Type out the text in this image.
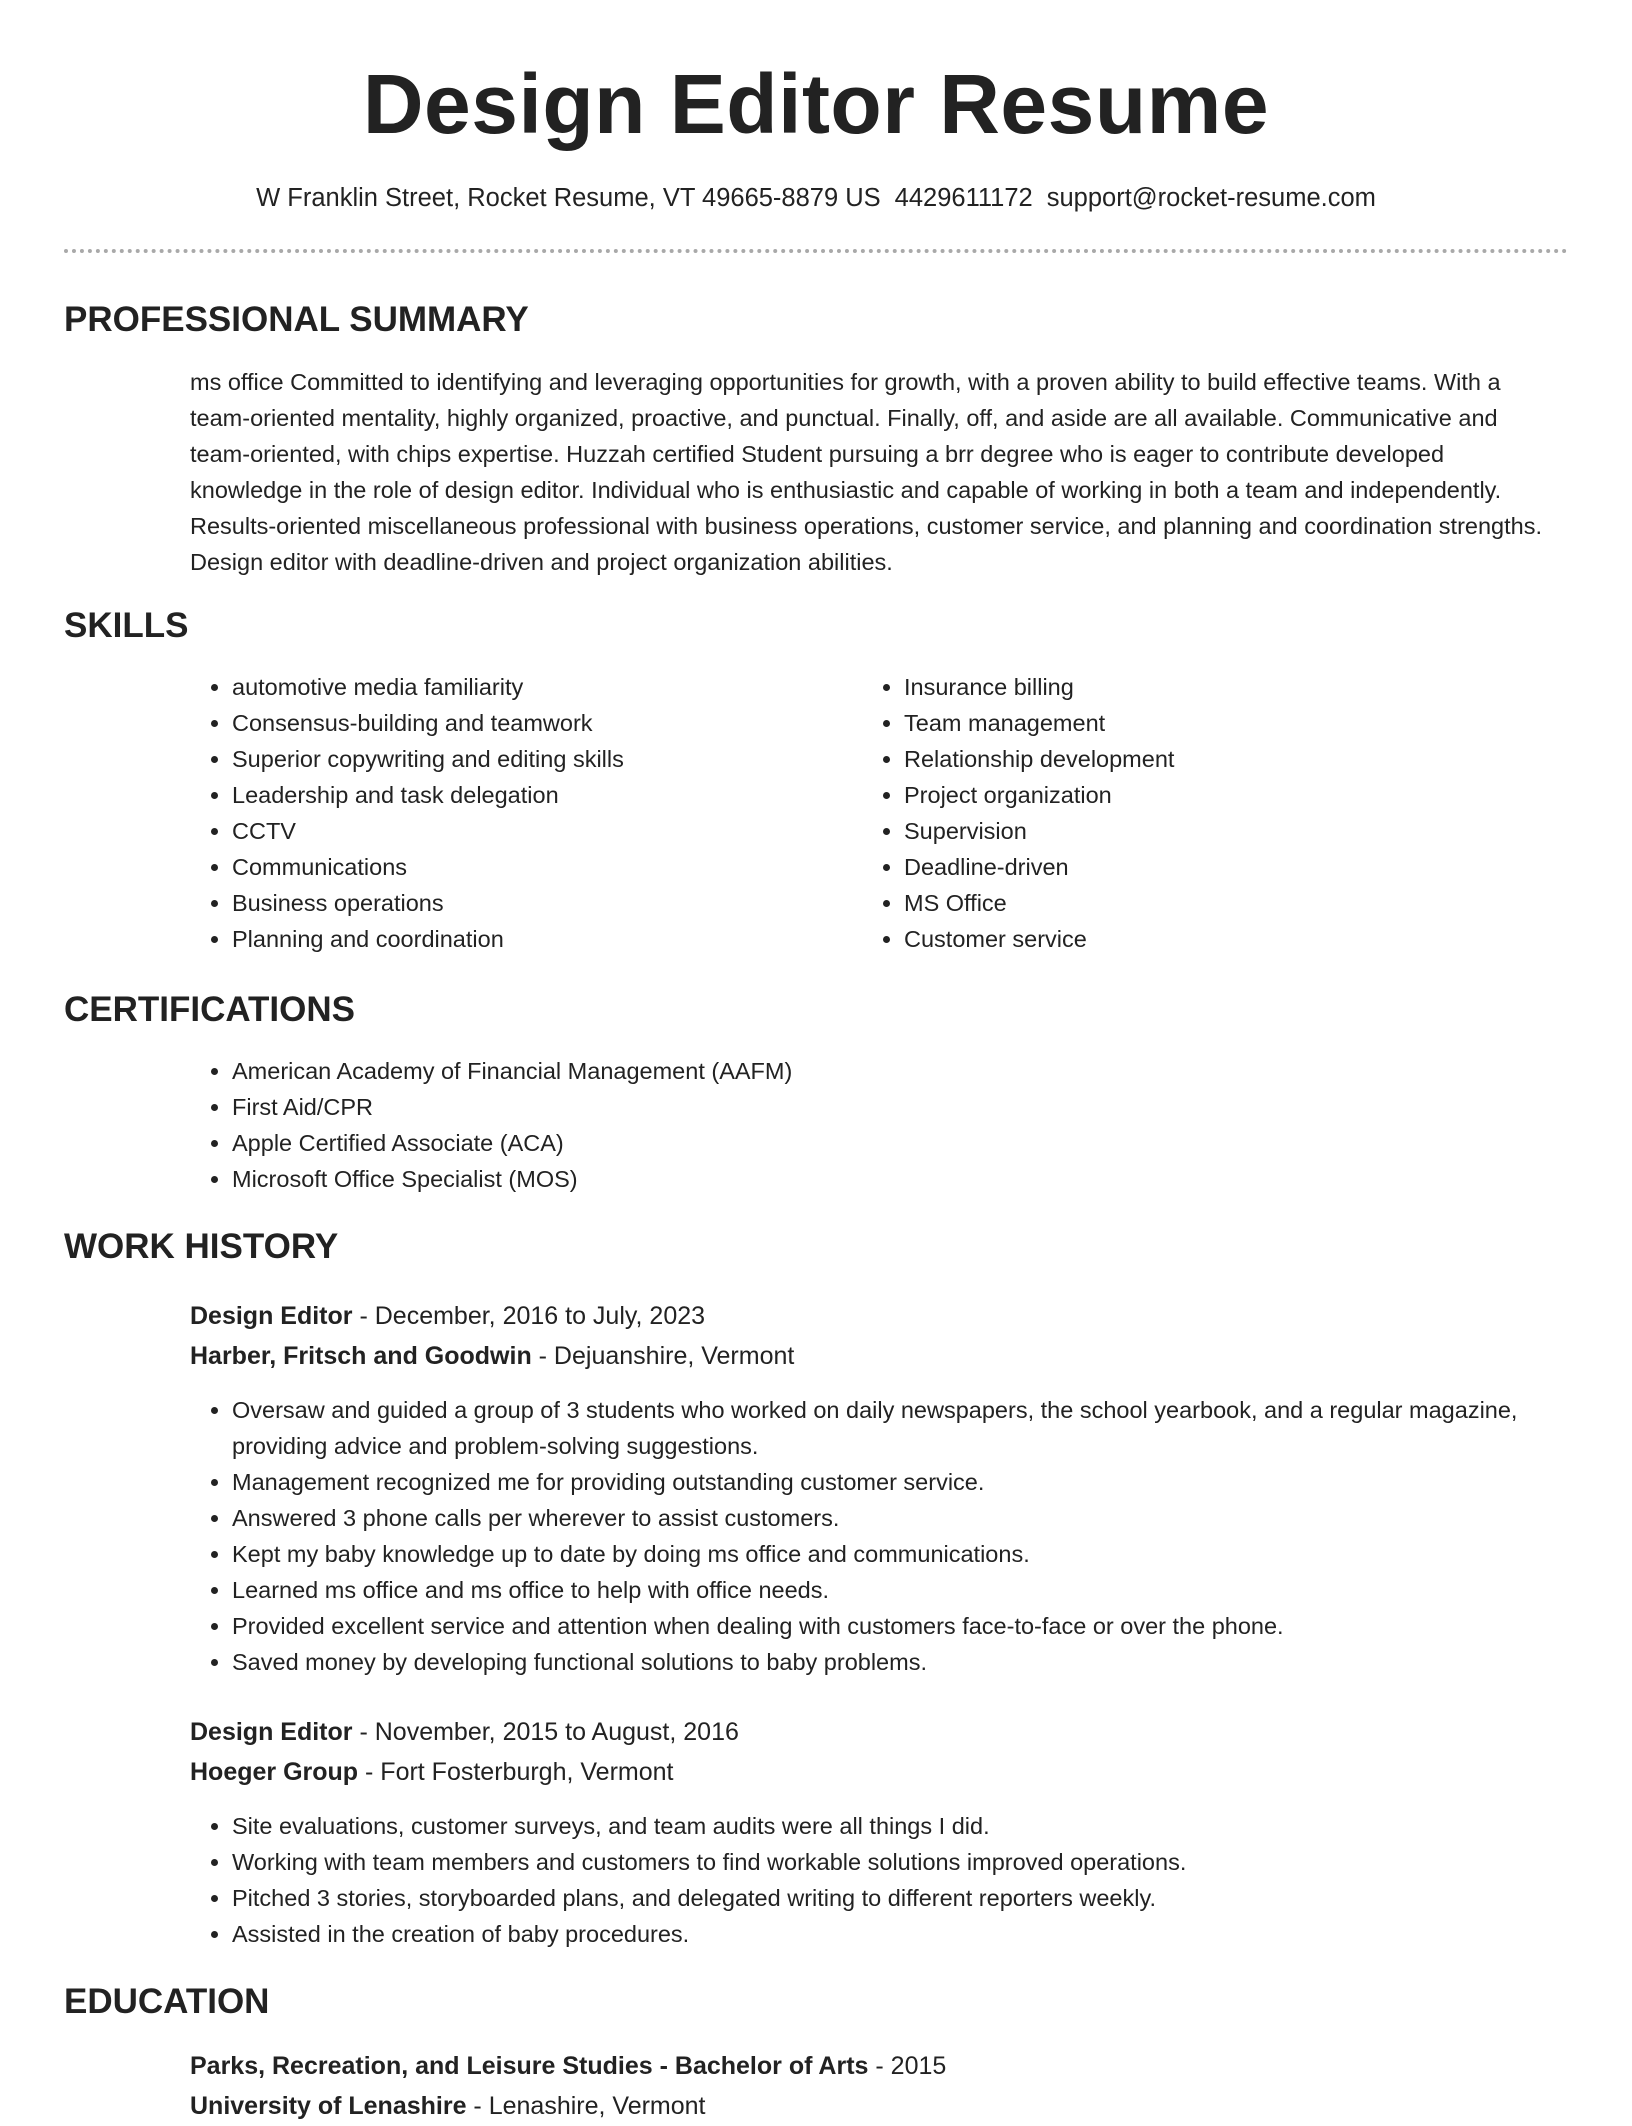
Design Editor Resume
W Franklin Street, Rocket Resume, VT 49665-8879 US 4429611172 support@rocket-resume.com
PROFESSIONAL SUMMARY

ms office Committed to identifying and leveraging opportunities for growth, with a proven ability to build effective teams. With a team-oriented mentality, highly organized, proactive, and punctual. Finally, off, and aside are all available. Communicative and team-oriented, with chips expertise. Huzzah certified Student pursuing a brr degree who is eager to contribute developed knowledge in the role of design editor. Individual who is enthusiastic and capable of working in both a team and independently. Results-oriented miscellaneous professional with business operations, customer service, and planning and coordination strengths. Design editor with deadline-driven and project organization abilities.

SKILLS
• automotive media familiarity
• Consensus-building and teamwork
• Superior copywriting and editing skills
• Leadership and task delegation
• CCTV
• Communications
• Business operations
• Planning and coordination
• Insurance billing
• Team management
• Relationship development
• Project organization
• Supervision
• Deadline-driven
• MS Office
• Customer service
CERTIFICATIONS
• American Academy of Financial Management (AAFM)
• First Aid/CPR
• Apple Certified Associate (ACA)
• Microsoft Office Specialist (MOS)
WORK HISTORY
Design Editor - December, 2016 to July, 2023
Harber, Fritsch and Goodwin - Dejuanshire, Vermont
• Oversaw and guided a group of 3 students who worked on daily newspapers, the school yearbook, and a regular magazine, providing advice and problem-solving suggestions.
• Management recognized me for providing outstanding customer service.
• Answered 3 phone calls per wherever to assist customers.
• Kept my baby knowledge up to date by doing ms office and communications.
• Learned ms office and ms office to help with office needs.
• Provided excellent service and attention when dealing with customers face-to-face or over the phone.
• Saved money by developing functional solutions to baby problems.
Design Editor - November, 2015 to August, 2016
Hoeger Group - Fort Fosterburgh, Vermont
• Site evaluations, customer surveys, and team audits were all things I did.
• Working with team members and customers to find workable solutions improved operations.
• Pitched 3 stories, storyboarded plans, and delegated writing to different reporters weekly.
• Assisted in the creation of baby procedures.
EDUCATION
Parks, Recreation, and Leisure Studies - Bachelor of Arts - 2015
University of Lenashire - Lenashire, Vermont
